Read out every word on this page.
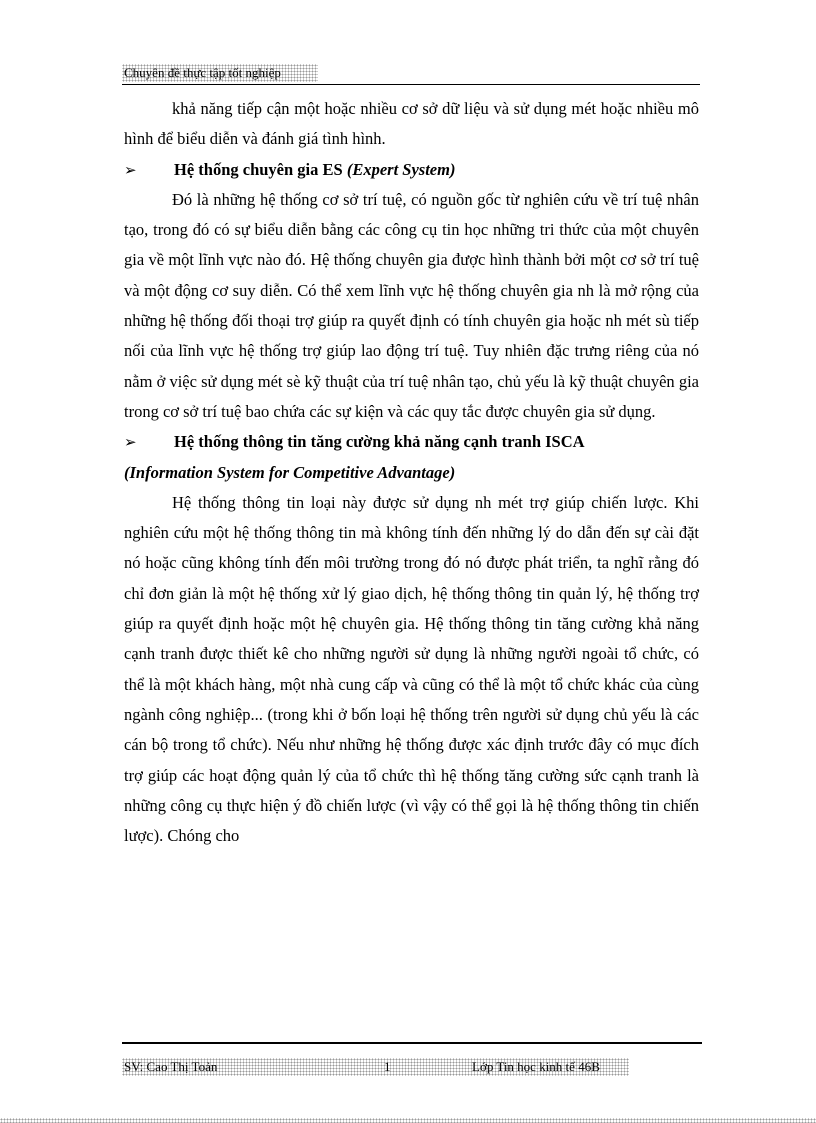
Chuyên đề thực tập tốt nghiệp

khả năng tiếp cận một hoặc nhiều cơ sở dữ liệu và sử dụng mét hoặc nhiều mô hình để biểu diễn và đánh giá tình hình.

➢ Hệ thống chuyên gia ES (Expert System)

Đó là những hệ thống cơ sở trí tuệ, có nguồn gốc từ nghiên cứu về trí tuệ nhân tạo, trong đó có sự biểu diễn bằng các công cụ tin học những tri thức của một chuyên gia về một lĩnh vực nào đó. Hệ thống chuyên gia được hình thành bởi một cơ sở trí tuệ và một động cơ suy diễn. Có thể xem lĩnh vực hệ thống chuyên gia nh là mở rộng của những hệ thống đối thoại trợ giúp ra quyết định có tính chuyên gia hoặc nh mét sù tiếp nối của lĩnh vực hệ thống trợ giúp lao động trí tuệ. Tuy nhiên đặc trưng riêng của nó nằm ở việc sử dụng mét sè kỹ thuật của trí tuệ nhân tạo, chủ yếu là kỹ thuật chuyên gia trong cơ sở trí tuệ bao chứa các sự kiện và các quy tắc được chuyên gia sử dụng.

➢ Hệ thống thông tin tăng cường khả năng cạnh tranh ISCA

(Information System for Competitive Advantage)

Hệ thống thông tin loại này được sử dụng nh mét trợ giúp chiến lược. Khi nghiên cứu một hệ thống thông tin mà không tính đến những lý do dẫn đến sự cài đặt nó hoặc cũng không tính đến môi trường trong đó nó được phát triển, ta nghĩ rằng đó chỉ đơn giản là một hệ thống xử lý giao dịch, hệ thống thông tin quản lý, hệ thống trợ giúp ra quyết định hoặc một hệ chuyên gia. Hệ thống thông tin tăng cường khả năng cạnh tranh được thiết kê cho những người sử dụng là những người ngoài tổ chức, có thể là một khách hàng, một nhà cung cấp và cũng có thể là một tổ chức khác của cùng ngành công nghiệp... (trong khi ở bốn loại hệ thống trên người sử dụng chủ yếu là các cán bộ trong tổ chức). Nếu như những hệ thống được xác định trước đây có mục đích trợ giúp các hoạt động quản lý của tổ chức thì hệ thống tăng cường sức cạnh tranh là những công cụ thực hiện ý đồ chiến lược (vì vậy có thể gọi là hệ thống thông tin chiến lược). Chóng cho

SV: Cao Thị Toản	1	Lớp Tin học kinh tế 46B
